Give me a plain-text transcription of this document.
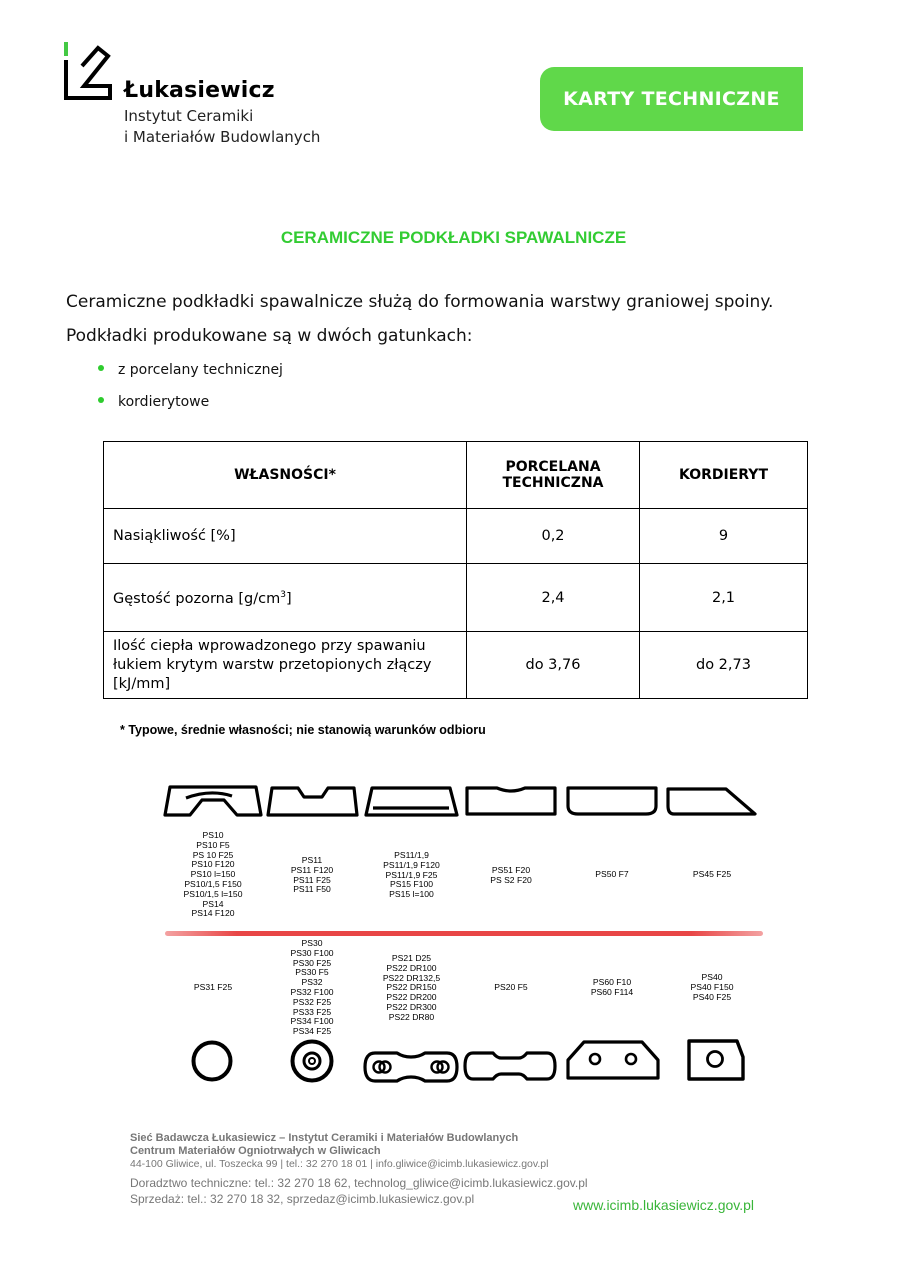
Łukasiewicz
Instytut Ceramiki
i Materiałów Budowlanych
KARTY TECHNICZNE
CERAMICZNE PODKŁADKI SPAWALNICZE
Ceramiczne podkładki spawalnicze służą do formowania warstwy graniowej spoiny.
Podkładki produkowane są w dwóch gatunkach:
z porcelany technicznej
kordierytowe
WŁASNOŚCI*	PORCELANA TECHNICZNA	KORDIERYT
Nasiąkliwość [%]	0,2	9
Gęstość pozorna $[g/cm^3]$	2,4	2,1
Ilość ciepła wprowadzonego przy spawaniu łukiem krytym warstw przetopionych złączy [kJ/mm]	do 3,76	do 2,73
* Typowe, średnie własności; nie stanowią warunków odbioru
PS10
PS10 F5
PS 10 F25
PS10 F120
PS10 l=150
PS10/1,5 F150
PS10/1,5 l=150
PS14
PS14 F120
PS11
PS11 F120
PS11 F25
PS11 F50
PS11/1,9
PS11/1,9 F120
PS11/1,9 F25
PS15 F100
PS15 l=100
PS51 F20
PS S2 F20
PS50 F7	PS45 F25
PS31 F25
PS30
PS30 F100
PS30 F25
PS30 F5
PS32
PS32 F100
PS32 F25
PS33 F25
PS34 F100
PS34 F25
PS21 D25
PS22 DR100
PS22 DR132,5
PS22 DR150
PS22 DR200
PS22 DR300
PS22 DR80
PS20 F5	PS60 F10
PS60 F114
PS40
PS40 F150
PS40 F25
Sieć Badawcza Łukasiewicz – Instytut Ceramiki i Materiałów Budowlanych
Centrum Materiałów Ogniotrwałych w Gliwicach
44-100 Gliwice, ul. Toszecka 99 | tel.: 32 270 18 01 | info.gliwice@icimb.lukasiewicz.gov.pl
Doradztwo techniczne: tel.: 32 270 18 62, technolog_gliwice@icimb.lukasiewicz.gov.pl
Sprzedaż: tel.: 32 270 18 32, sprzedaz@icimb.lukasiewicz.gov.pl	www.icimb.lukasiewicz.gov.pl
